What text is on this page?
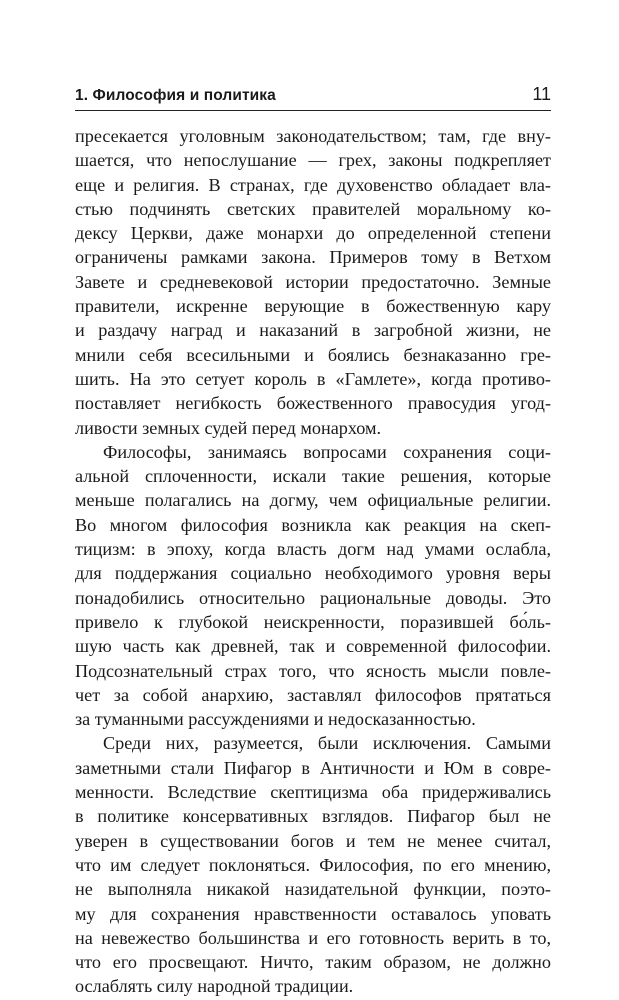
1. Философия и политика	11
пресекается уголовным законодательством; там, где вну-
шается, что непослушание — грех, законы подкрепляет
еще и религия. В странах, где духовенство обладает вла-
стью подчинять светских правителей моральному ко-
дексу Церкви, даже монархи до определенной степени
ограничены рамками закона. Примеров тому в Ветхом
Завете и средневековой истории предостаточно. Земные
правители, искренне верующие в божественную кару
и раздачу наград и наказаний в загробной жизни, не
мнили себя всесильными и боялись безнаказанно гре-
шить. На это сетует король в «Гамлете», когда противо-
поставляет негибкость божественного правосудия угод-
ливости земных судей перед монархом.
Философы, занимаясь вопросами сохранения соци-
альной сплоченности, искали такие решения, которые
меньше полагались на догму, чем официальные религии.
Во многом философия возникла как реакция на скеп-
тицизм: в эпоху, когда власть догм над умами ослабла,
для поддержания социально необходимого уровня веры
понадобились относительно рациональные доводы. Это
привело к глубокой неискренности, поразившей бо́ль-
шую часть как древней, так и современной философии.
Подсознательный страх того, что ясность мысли повле-
чет за собой анархию, заставлял философов прятаться
за туманными рассуждениями и недосказанностью.
Среди них, разумеется, были исключения. Самыми
заметными стали Пифагор в Античности и Юм в совре-
менности. Вследствие скептицизма оба придерживались
в политике консервативных взглядов. Пифагор был не
уверен в существовании богов и тем не менее считал,
что им следует поклоняться. Философия, по его мнению,
не выполняла никакой назидательной функции, поэто-
му для сохранения нравственности оставалось уповать
на невежество большинства и его готовность верить в то,
что его просвещают. Ничто, таким образом, не должно
ослаблять силу народной традиции.
